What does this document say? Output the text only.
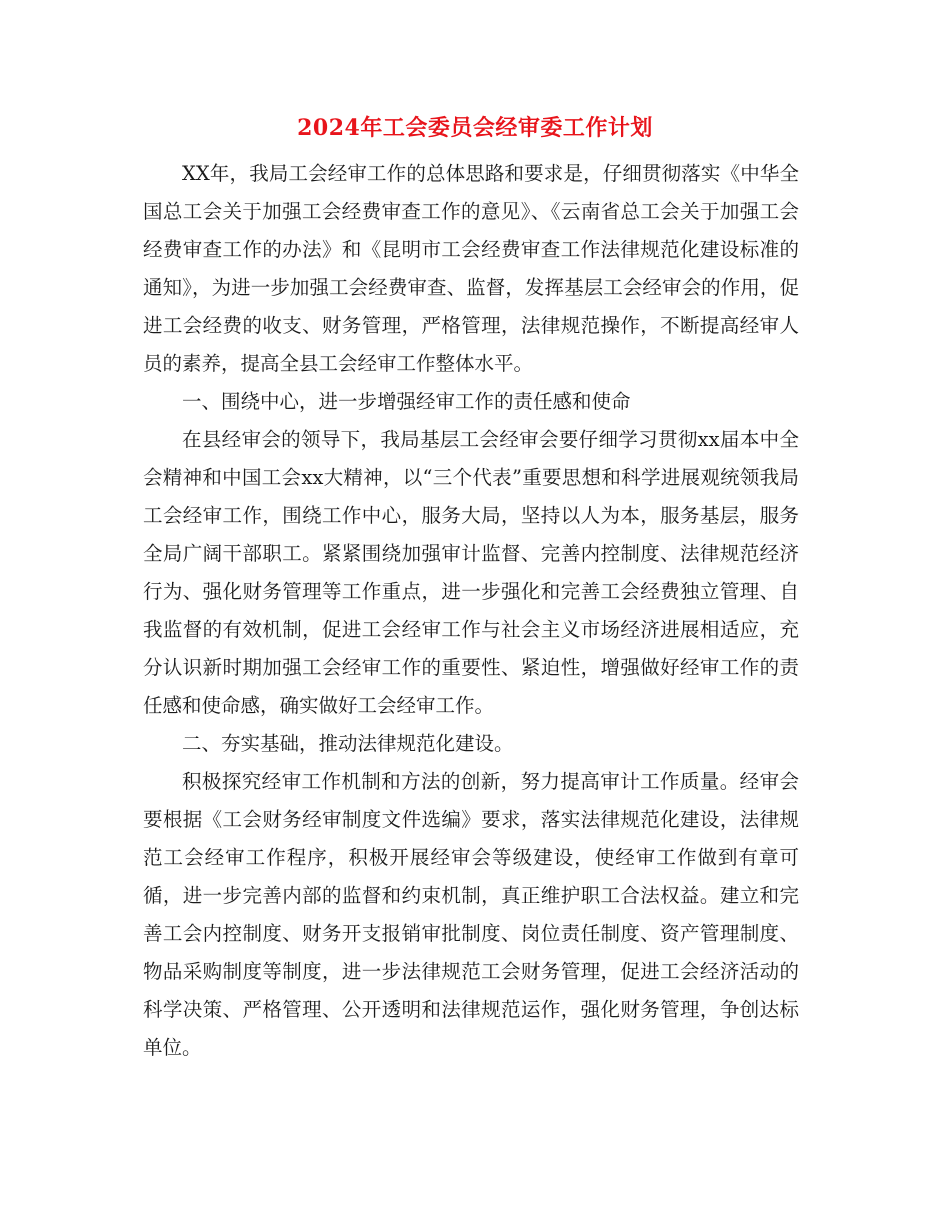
2024年工会委员会经审委工作计划

XX年，我局工会经审工作的总体思路和要求是，仔细贯彻落实《中华全国总工会关于加强工会经费审查工作的意见》、《云南省总工会关于加强工会经费审查工作的办法》和《昆明市工会经费审查工作法律规范化建设标准的通知》，为进一步加强工会经费审查、监督，发挥基层工会经审会的作用，促进工会经费的收支、财务管理，严格管理，法律规范操作，不断提高经审人员的素养，提高全县工会经审工作整体水平。

一、围绕中心，进一步增强经审工作的责任感和使命

在县经审会的领导下，我局基层工会经审会要仔细学习贯彻xx届本中全会精神和中国工会xx大精神，以“三个代表”重要思想和科学进展观统领我局工会经审工作，围绕工作中心，服务大局，坚持以人为本，服务基层，服务全局广阔干部职工。紧紧围绕加强审计监督、完善内控制度、法律规范经济行为、强化财务管理等工作重点，进一步强化和完善工会经费独立管理、自我监督的有效机制，促进工会经审工作与社会主义市场经济进展相适应，充分认识新时期加强工会经审工作的重要性、紧迫性，增强做好经审工作的责任感和使命感，确实做好工会经审工作。

二、夯实基础，推动法律规范化建设。

积极探究经审工作机制和方法的创新，努力提高审计工作质量。经审会要根据《工会财务经审制度文件选编》要求，落实法律规范化建设，法律规范工会经审工作程序，积极开展经审会等级建设，使经审工作做到有章可循，进一步完善内部的监督和约束机制，真正维护职工合法权益。建立和完善工会内控制度、财务开支报销审批制度、岗位责任制度、资产管理制度、物品采购制度等制度，进一步法律规范工会财务管理，促进工会经济活动的科学决策、严格管理、公开透明和法律规范运作，强化财务管理，争创达标单位。
